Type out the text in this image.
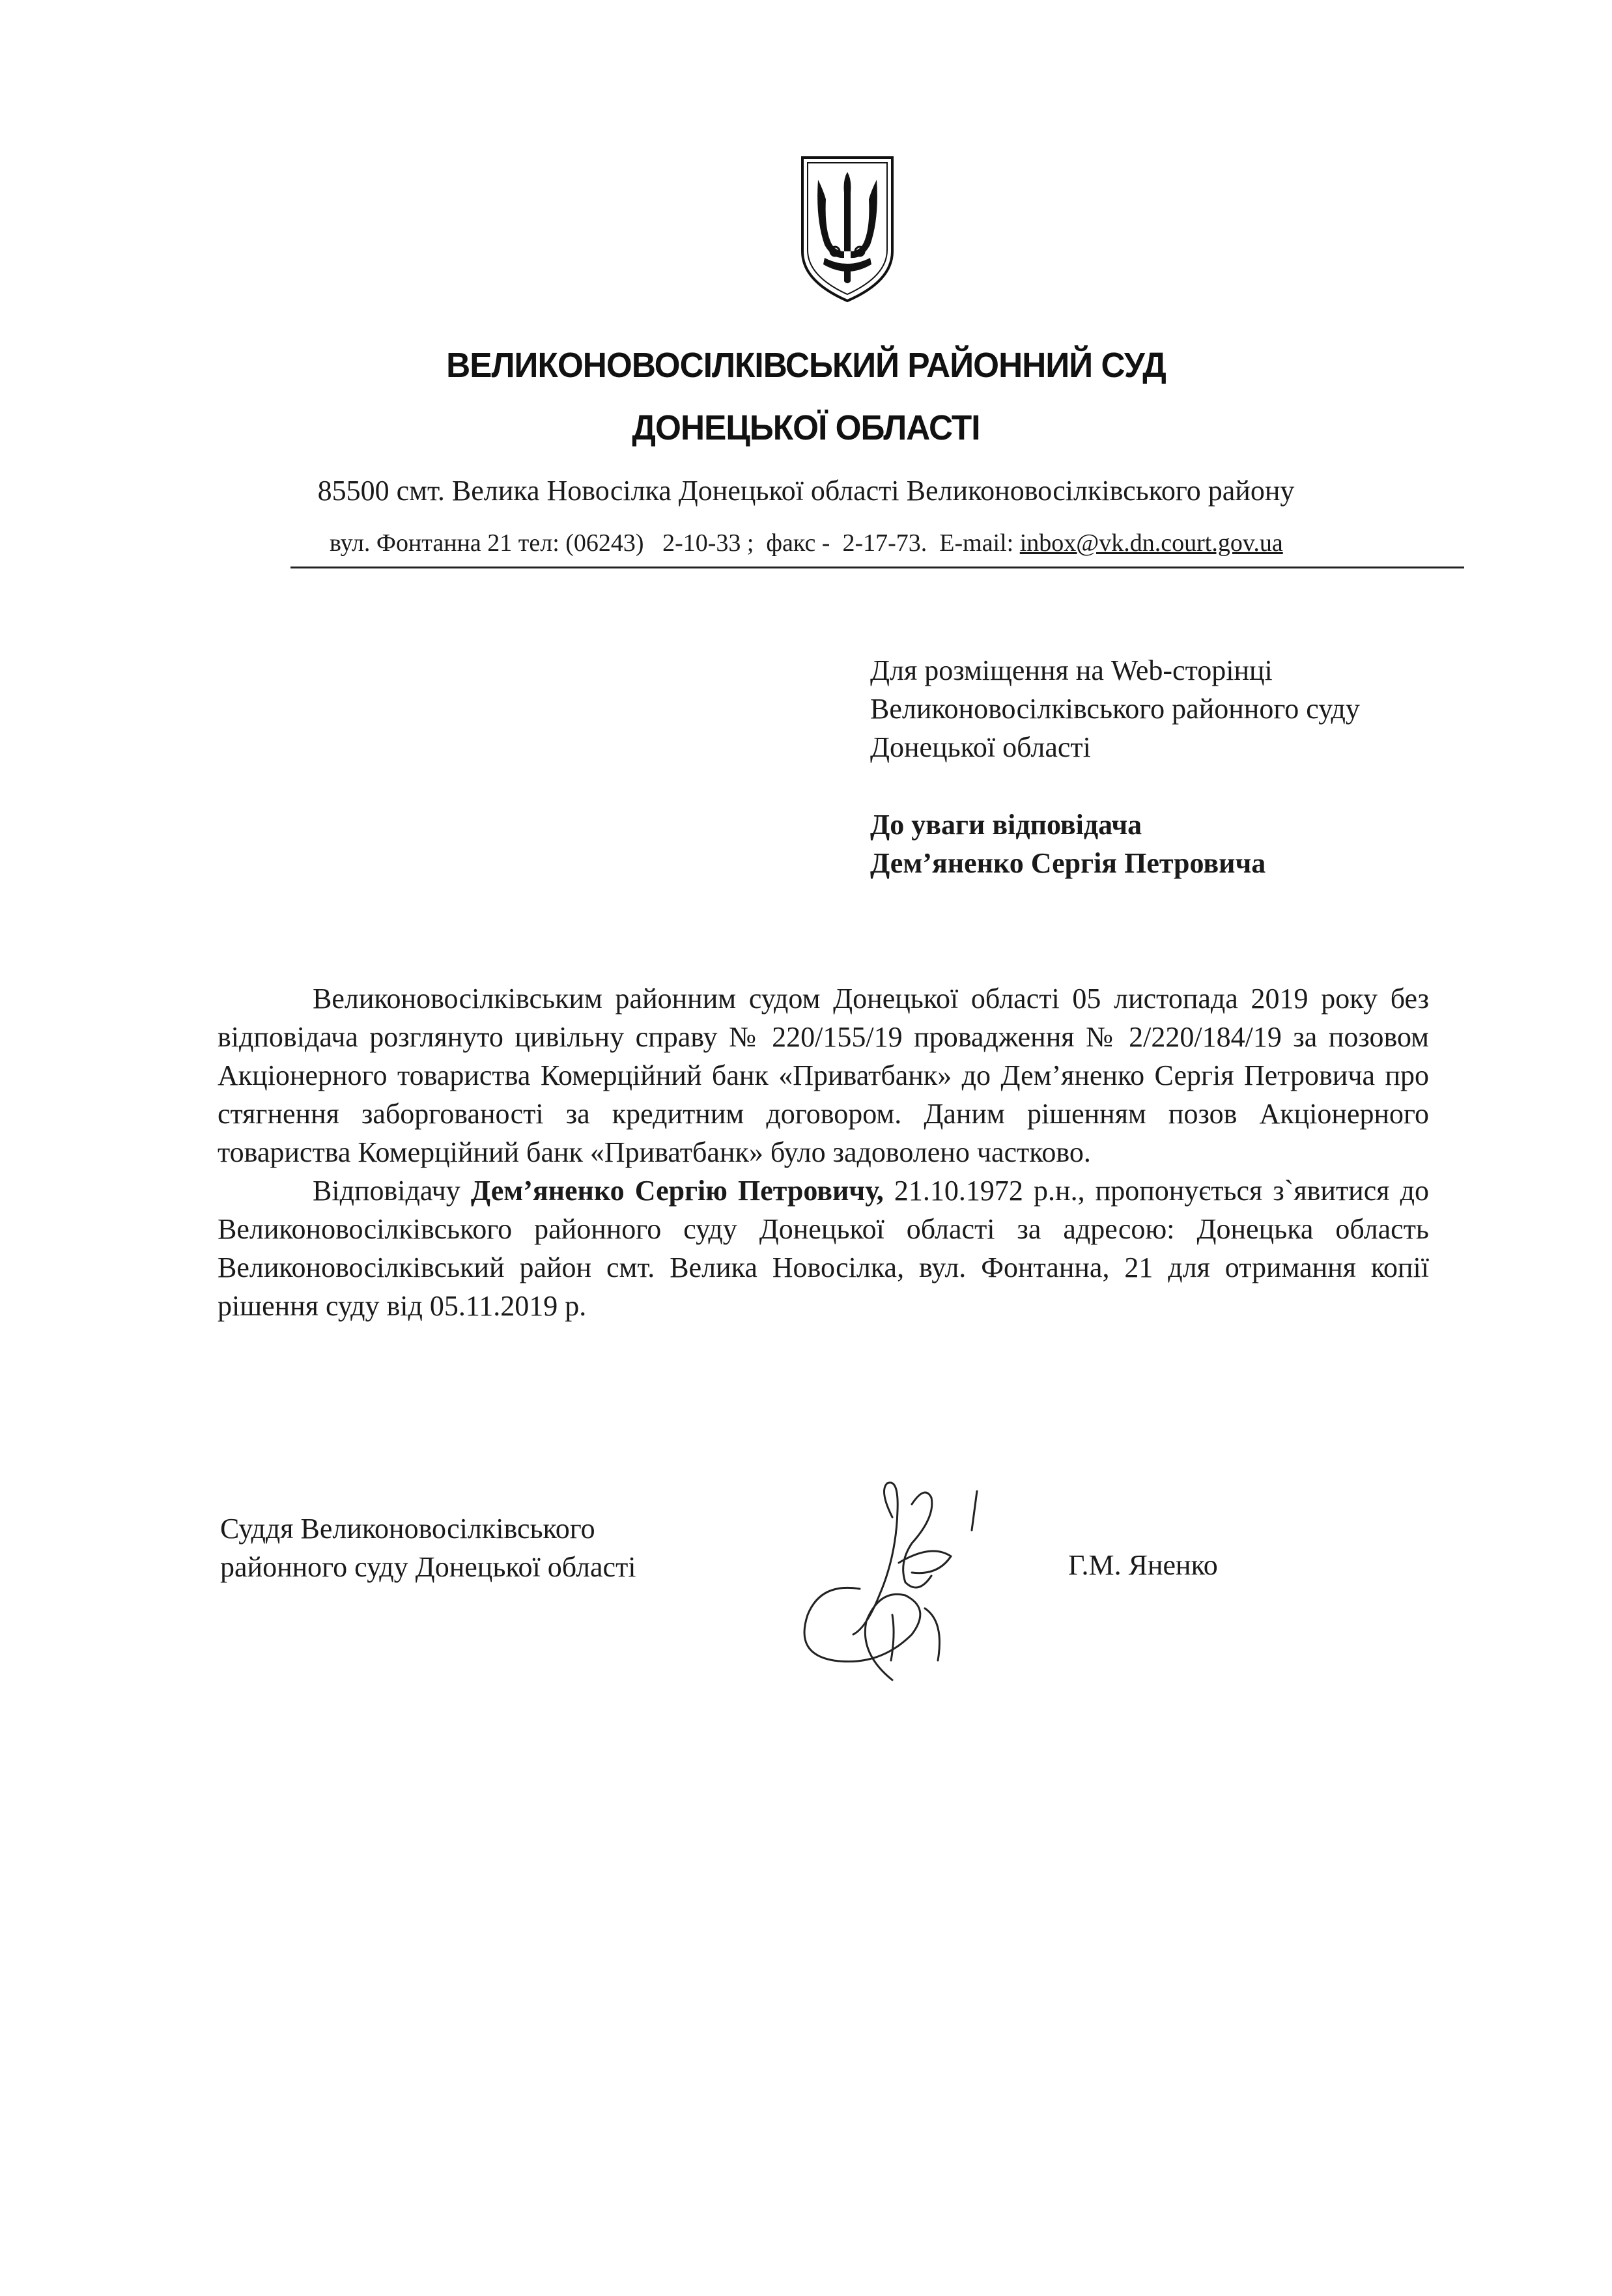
ВЕЛИКОНОВОСІЛКІВСЬКИЙ РАЙОННИЙ СУД
ДОНЕЦЬКОЇ ОБЛАСТІ
85500 смт. Велика Новосілка Донецької області Великоновосілківського району
вул. Фонтанна 21 тел: (06243)   2-10-33 ;  факс -  2-17-73.  E-mail: inbox@vk.dn.court.gov.ua
Для розміщення на Web-сторінці
Великоновосілківського районного суду
Донецької області
До уваги відповідача
Дем’яненко Сергія Петровича

Великоновосілківським районним судом Донецької області 05 листопада 2019 року без відповідача розглянуто цивільну справу № 220/155/19 провадження № 2/220/184/19 за позовом Акціонерного товариства Комерційний банк «Приватбанк» до Дем’яненко Сергія Петровича про стягнення заборгованості за кредитним договором. Даним рішенням позов Акціонерного товариства Комерційний банк «Приватбанк» було задоволено частково.

Відповідачу Дем’яненко Сергію Петровичу, 21.10.1972 р.н., пропонується з`явитися до Великоновосілківського районного суду Донецької області за адресою: Донецька область Великоновосілківський район смт. Велика Новосілка, вул. Фонтанна, 21 для отримання копії рішення суду від 05.11.2019 р.

Суддя Великоновосілківського
районного суду Донецької області	Г.М. Яненко
